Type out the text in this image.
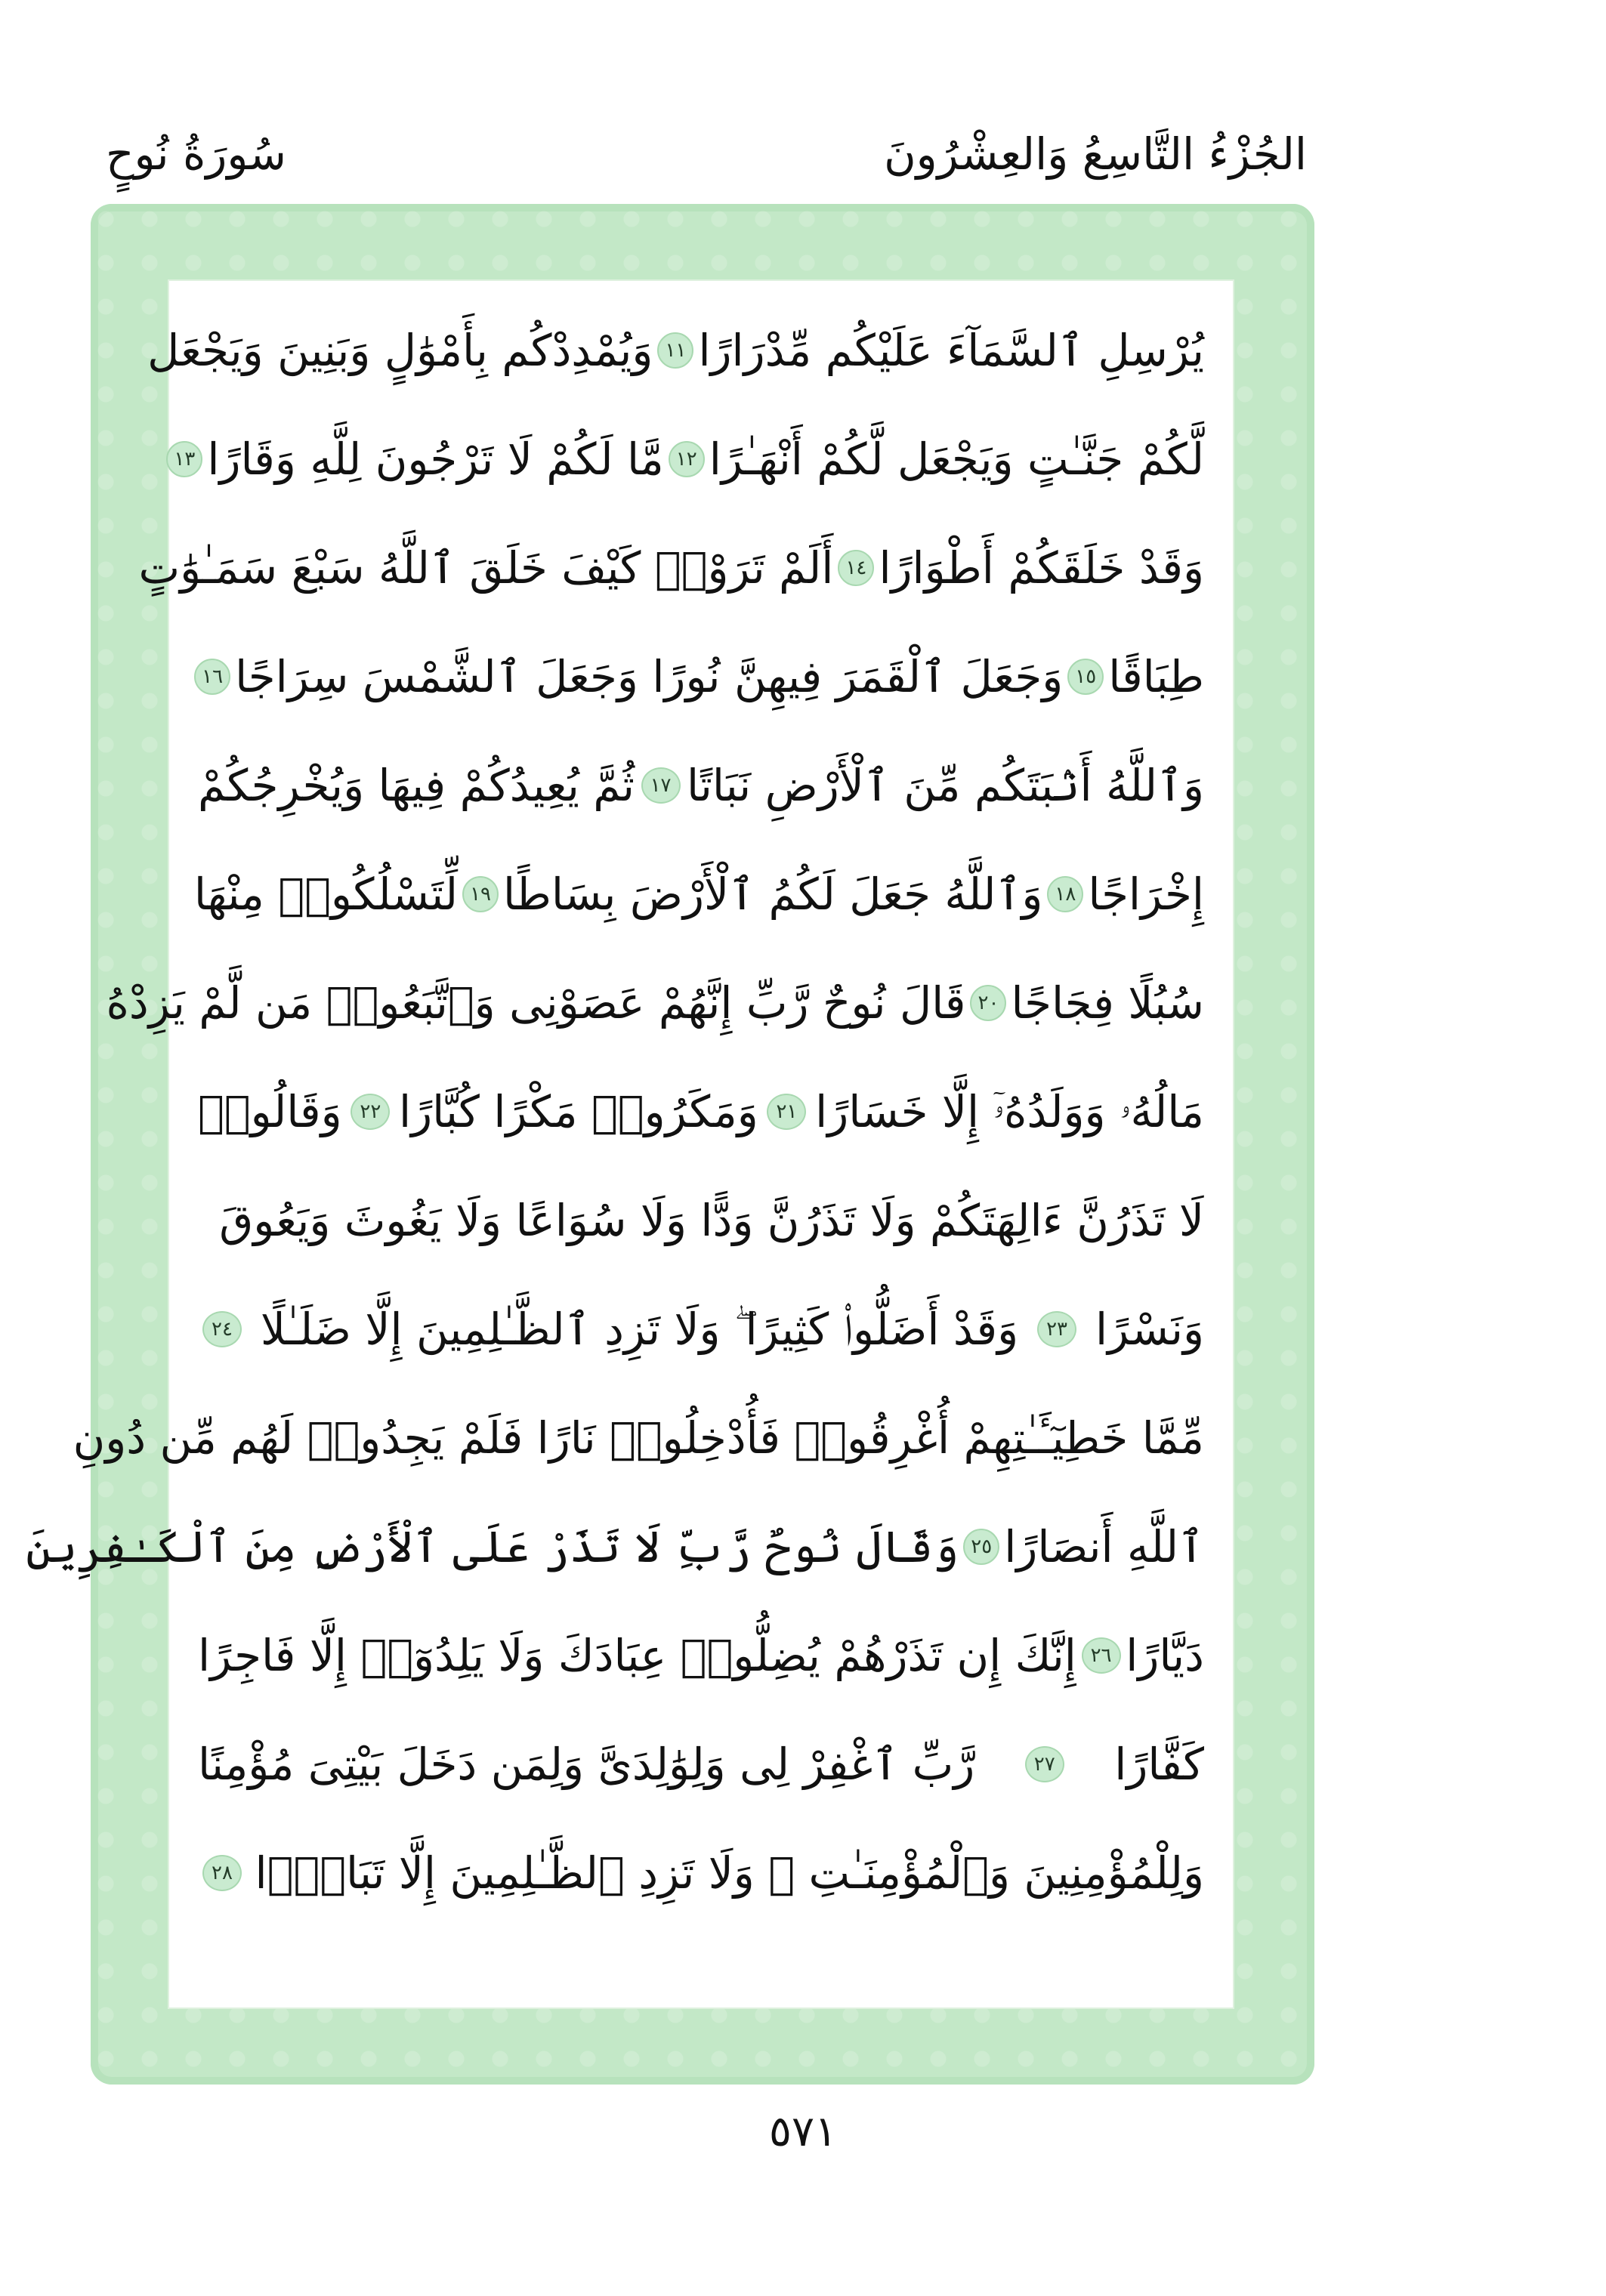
سُورَةُ نُوحٍ	الجُزْءُ التَّاسِعُ وَالعِشْرُونَ
يُرْسِلِ ٱلسَّمَآءَ عَلَيْكُم مِّدْرَارًا
١١
وَيُمْدِدْكُم بِأَمْوَٰلٍ وَبَنِينَ وَيَجْعَل
لَّكُمْ جَنَّـٰتٍ وَيَجْعَل لَّكُمْ أَنْهَـٰرًا
١٢
مَّا لَكُمْ لَا تَرْجُونَ لِلَّهِ وَقَارًا
١٣
وَقَدْ خَلَقَكُمْ أَطْوَارًا
١٤
أَلَمْ تَرَوْا۟ كَيْفَ خَلَقَ ٱللَّهُ سَبْعَ سَمَـٰوَٰتٍ
طِبَاقًا
١٥
وَجَعَلَ ٱلْقَمَرَ فِيهِنَّ نُورًا وَجَعَلَ ٱلشَّمْسَ سِرَاجًا
١٦
وَٱللَّهُ أَنۢبَتَكُم مِّنَ ٱلْأَرْضِ نَبَاتًا
١٧
ثُمَّ يُعِيدُكُمْ فِيهَا وَيُخْرِجُكُمْ
إِخْرَاجًا
١٨
وَٱللَّهُ جَعَلَ لَكُمُ ٱلْأَرْضَ بِسَاطًا
١٩
لِّتَسْلُكُوا۟ مِنْهَا
سُبُلًا فِجَاجًا
٢٠
قَالَ نُوحٌ رَّبِّ إِنَّهُمْ عَصَوْنِى وَٱتَّبَعُوا۟ مَن لَّمْ يَزِدْهُ
مَالُهُۥ وَوَلَدُهُۥٓ إِلَّا خَسَارًا
٢١
وَمَكَرُوا۟ مَكْرًا كُبَّارًا
٢٢
وَقَالُوا۟
لَا تَذَرُنَّ ءَالِهَتَكُمْ وَلَا تَذَرُنَّ وَدًّا وَلَا سُوَاعًا وَلَا يَغُوثَ وَيَعُوقَ
وَنَسْرًا
٢٣
وَقَدْ أَضَلُّوا۟ كَثِيرًا ۖ وَلَا تَزِدِ ٱلظَّـٰلِمِينَ إِلَّا ضَلَـٰلًا
٢٤
مِّمَّا خَطِيٓـَٔـٰتِهِمْ أُغْرِقُوا۟ فَأُدْخِلُوا۟ نَارًا فَلَمْ يَجِدُوا۟ لَهُم مِّن دُونِ
ٱللَّهِ أَنصَارًا
٢٥
وَقَالَ نُوحٌ رَّبِّ لَا تَذَرْ عَلَى ٱلْأَرْضِ مِنَ ٱلْكَـٰفِرِينَ
دَيَّارًا
٢٦
إِنَّكَ إِن تَذَرْهُمْ يُضِلُّوا۟ عِبَادَكَ وَلَا يَلِدُوٓا۟ إِلَّا فَاجِرًا
كَفَّارًا
٢٧
رَّبِّ ٱغْفِرْ لِى وَلِوَٰلِدَىَّ وَلِمَن دَخَلَ بَيْتِىَ مُؤْمِنًا
وَلِلْمُؤْمِنِينَ وَٱلْمُؤْمِنَـٰتِ ۖ وَلَا تَزِدِ ٱلظَّـٰلِمِينَ إِلَّا تَبَارًۢا
٢٨
٥٧١
